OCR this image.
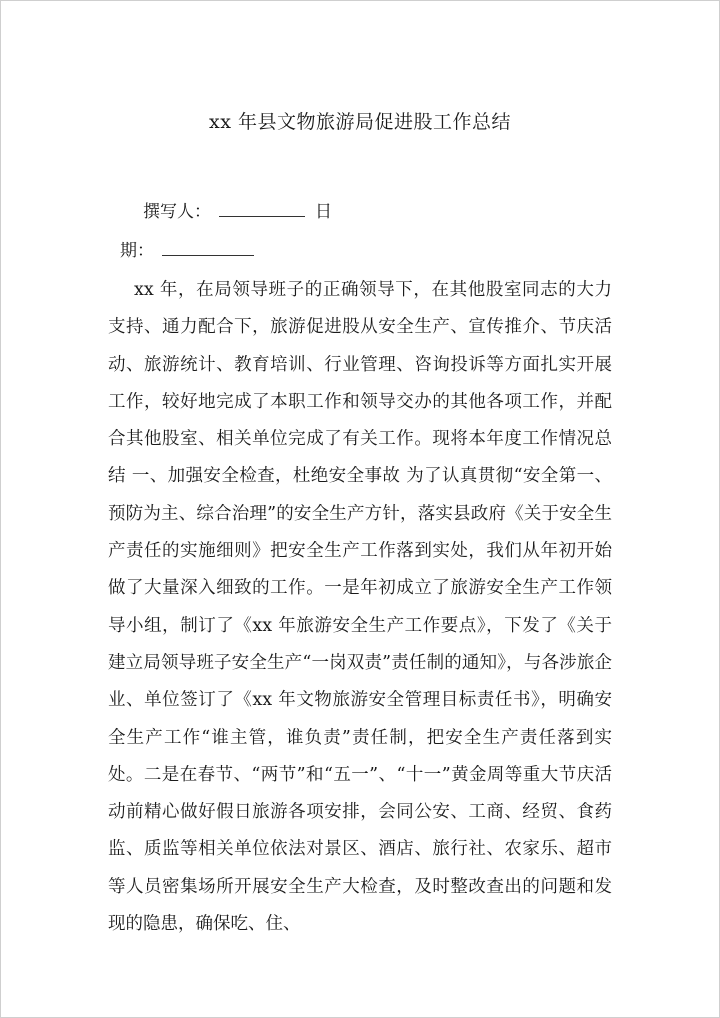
xx 年县文物旅游局促进股工作总结
撰写人：	日
期：

xx 年，在局领导班子的正确领导下，在其他股室同志的大力支持、通力配合下，旅游促进股从安全生产、宣传推介、节庆活动、旅游统计、教育培训、行业管理、咨询投诉等方面扎实开展工作，较好地完成了本职工作和领导交办的其他各项工作，并配合其他股室、相关单位完成了有关工作。现将本年度工作情况总结 一、加强安全检查，杜绝安全事故 为了认真贯彻“安全第一、预防为主、综合治理”的安全生产方针，落实县政府《关于安全生产责任的实施细则》把安全生产工作落到实处，我们从年初开始做了大量深入细致的工作。一是年初成立了旅游安全生产工作领导小组，制订了《xx 年旅游安全生产工作要点》，下发了《关于建立局领导班子安全生产“一岗双责”责任制的通知》，与各涉旅企业、单位签订了《xx 年文物旅游安全管理目标责任书》，明确安全生产工作“谁主管，谁负责”责任制，把安全生产责任落到实处。二是在春节、“两节”和“五一”、“十一”黄金周等重大节庆活动前精心做好假日旅游各项安排，会同公安、工商、经贸、食药监、质监等相关单位依法对景区、酒店、旅行社、农家乐、超市等人员密集场所开展安全生产大检查，及时整改查出的问题和发现的隐患，确保吃、住、
